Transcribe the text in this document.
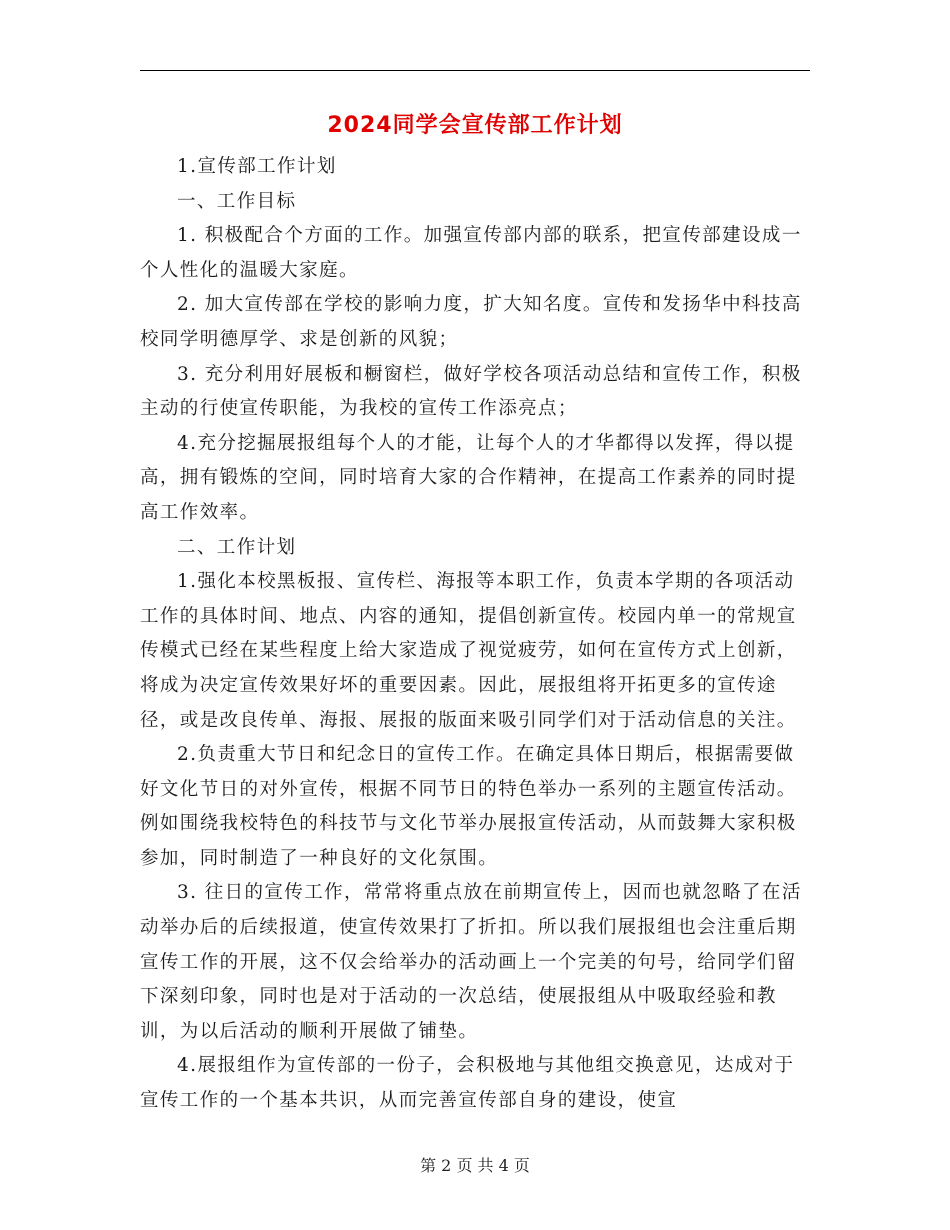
2024同学会宣传部工作计划

1.宣传部工作计划

一、工作目标

1. 积极配合个方面的工作。加强宣传部内部的联系，把宣传部建设成一个人性化的温暖大家庭。

2. 加大宣传部在学校的影响力度，扩大知名度。宣传和发扬华中科技高校同学明德厚学、求是创新的风貌；

3. 充分利用好展板和橱窗栏，做好学校各项活动总结和宣传工作，积极主动的行使宣传职能，为我校的宣传工作添亮点；

4.充分挖掘展报组每个人的才能，让每个人的才华都得以发挥，得以提高，拥有锻炼的空间，同时培育大家的合作精神，在提高工作素养的同时提高工作效率。

二、工作计划

1.强化本校黑板报、宣传栏、海报等本职工作，负责本学期的各项活动工作的具体时间、地点、内容的通知，提倡创新宣传。校园内单一的常规宣传模式已经在某些程度上给大家造成了视觉疲劳，如何在宣传方式上创新，将成为决定宣传效果好坏的重要因素。因此，展报组将开拓更多的宣传途径，或是改良传单、海报、展报的版面来吸引同学们对于活动信息的关注。

2.负责重大节日和纪念日的宣传工作。在确定具体日期后，根据需要做好文化节日的对外宣传，根据不同节日的特色举办一系列的主题宣传活动。例如围绕我校特色的科技节与文化节举办展报宣传活动，从而鼓舞大家积极参加，同时制造了一种良好的文化氛围。

3. 往日的宣传工作，常常将重点放在前期宣传上，因而也就忽略了在活动举办后的后续报道，使宣传效果打了折扣。所以我们展报组也会注重后期宣传工作的开展，这不仅会给举办的活动画上一个完美的句号，给同学们留下深刻印象，同时也是对于活动的一次总结，使展报组从中吸取经验和教训，为以后活动的顺利开展做了铺垫。

4.展报组作为宣传部的一份子，会积极地与其他组交换意见，达成对于宣传工作的一个基本共识，从而完善宣传部自身的建设，使宣

第 2 页 共 4 页
